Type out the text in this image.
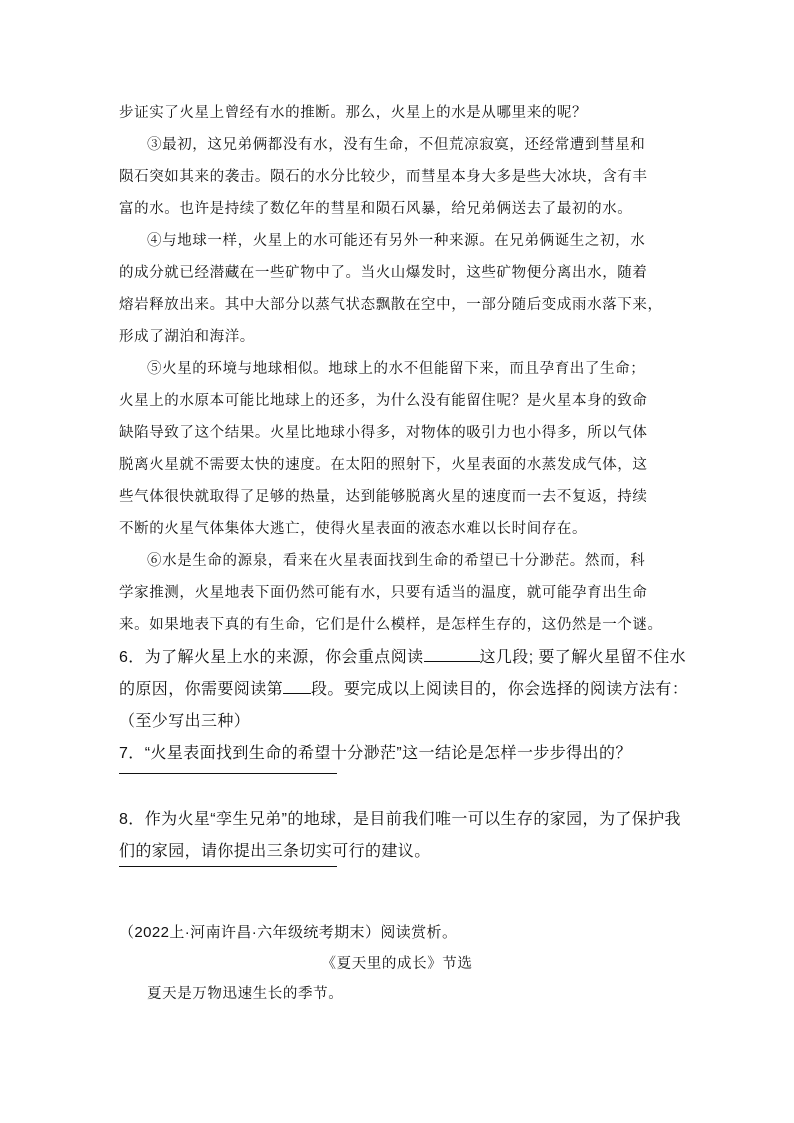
步证实了火星上曾经有水的推断。那么，火星上的水是从哪里来的呢？
③最初，这兄弟俩都没有水，没有生命，不但荒凉寂寞，还经常遭到彗星和
陨石突如其来的袭击。陨石的水分比较少，而彗星本身大多是些大冰块，含有丰
富的水。也许是持续了数亿年的彗星和陨石风暴，给兄弟俩送去了最初的水。
④与地球一样，火星上的水可能还有另外一种来源。在兄弟俩诞生之初，水
的成分就已经潜藏在一些矿物中了。当火山爆发时，这些矿物便分离出水，随着
熔岩释放出来。其中大部分以蒸气状态飘散在空中，一部分随后变成雨水落下来，
形成了湖泊和海洋。
⑤火星的环境与地球相似。地球上的水不但能留下来，而且孕育出了生命；
火星上的水原本可能比地球上的还多，为什么没有能留住呢？是火星本身的致命
缺陷导致了这个结果。火星比地球小得多，对物体的吸引力也小得多，所以气体
脱离火星就不需要太快的速度。在太阳的照射下，火星表面的水蒸发成气体，这
些气体很快就取得了足够的热量，达到能够脱离火星的速度而一去不复返，持续
不断的火星气体集体大逃亡，使得火星表面的液态水难以长时间存在。
⑥水是生命的源泉，看来在火星表面找到生命的希望已十分渺茫。然而，科
学家推测，火星地表下面仍然可能有水，只要有适当的温度，就可能孕育出生命
来。如果地表下真的有生命，它们是什么模样，是怎样生存的，这仍然是一个谜。
6．为了解火星上水的来源，你会重点阅读	这几段; 要了解火星留不住水
的原因，你需要阅读第 段。要完成以上阅读目的，你会选择的阅读方法有：
（至少写出三种）
7．“火星表面找到生命的希望十分渺茫”这一结论是怎样一步步得出的？
8．作为火星“孪生兄弟”的地球，是目前我们唯一可以生存的家园，为了保护我
们的家园，请你提出三条切实可行的建议。
（2022上·河南许昌·六年级统考期末）阅读赏析。
《夏天里的成长》节选
夏天是万物迅速生长的季节。
